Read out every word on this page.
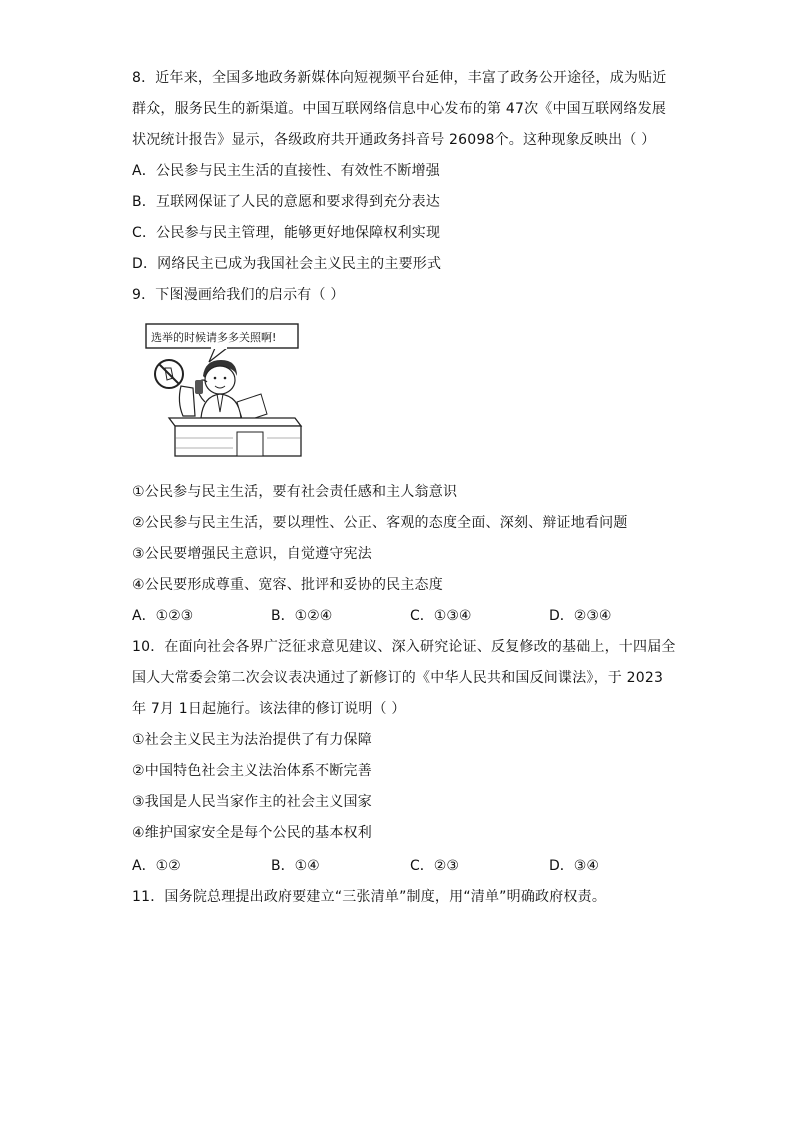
8．近年来，全国多地政务新媒体向短视频平台延伸，丰富了政务公开途径，成为贴近
群众，服务民生的新渠道。中国互联网络信息中心发布的第 47次《中国互联网络发展
状况统计报告》显示，各级政府共开通政务抖音号 26098个。这种现象反映出（ ）
A．公民参与民主生活的直接性、有效性不断增强
B．互联网保证了人民的意愿和要求得到充分表达
C．公民参与民主管理，能够更好地保障权利实现
D．网络民主已成为我国社会主义民主的主要形式
9．下图漫画给我们的启示有（ ）
选举的时候请多多关照啊!
①公民参与民主生活，要有社会责任感和主人翁意识
②公民参与民主生活，要以理性、公正、客观的态度全面、深刻、辩证地看问题
③公民要增强民主意识，自觉遵守宪法
④公民要形成尊重、宽容、批评和妥协的民主态度
A．①②③	B．①②④	C．①③④	D．②③④
10．在面向社会各界广泛征求意见建议、深入研究论证、反复修改的基础上，十四届全
国人大常委会第二次会议表决通过了新修订的《中华人民共和国反间谍法》，于 2023
年 7月 1日起施行。该法律的修订说明（ ）
①社会主义民主为法治提供了有力保障
②中国特色社会主义法治体系不断完善
③我国是人民当家作主的社会主义国家
④维护国家安全是每个公民的基本权利
A．①②	B．①④	C．②③	D．③④
11．国务院总理提出政府要建立“三张清单”制度，用“清单”明确政府权责。
